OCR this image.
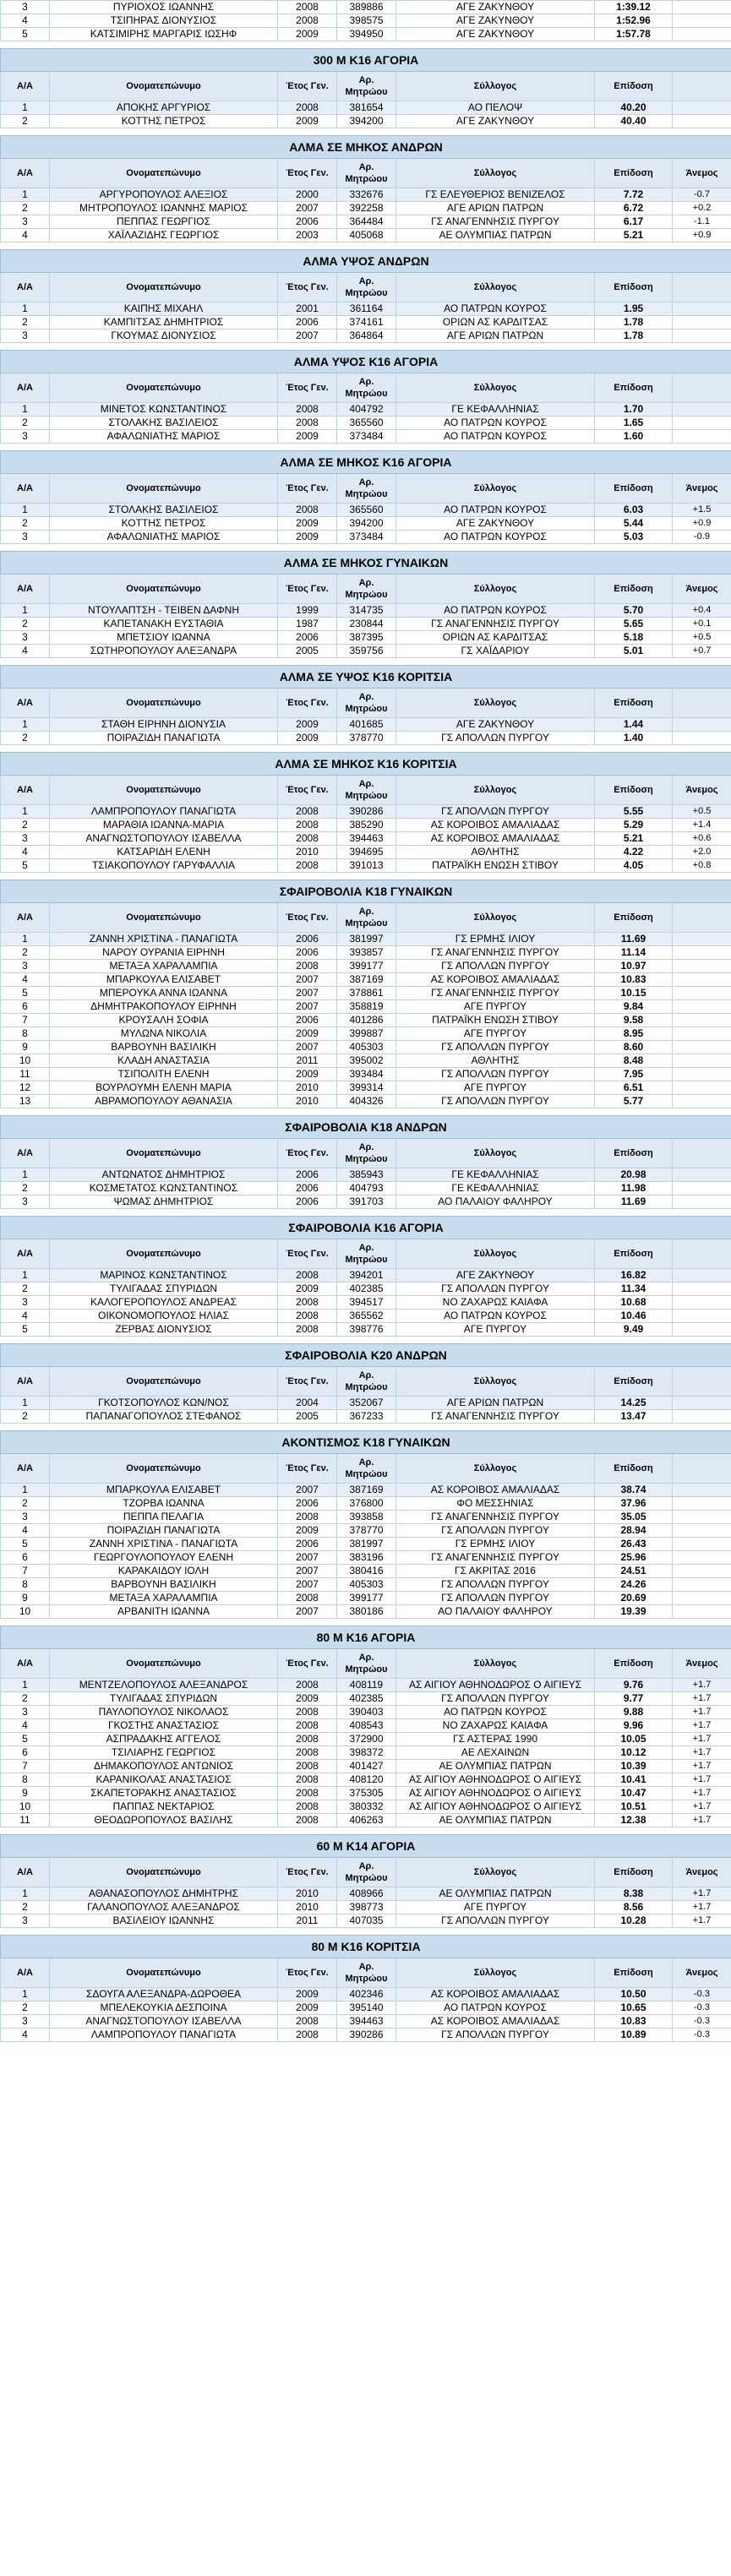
3	ΠΥΡΙΟΧΟΣ ΙΩΑΝΝΗΣ	2008	389886	ΑΓΕ ΖΑΚΥΝΘΟΥ	1:39.12	
4	ΤΣΙΠΗΡΑΣ ΔΙΟΝΥΣΙΟΣ	2008	398575	ΑΓΕ ΖΑΚΥΝΘΟΥ	1:52.96	
5	ΚΑΤΣΙΜΙΡΗΣ ΜΑΡΓΑΡΙΣ ΙΩΣΗΦ	2009	394950	ΑΓΕ ΖΑΚΥΝΘΟΥ	1:57.78	

300 Μ Κ16 ΑΓΟΡΙΑ						
Α/Α	Ονοματεπώνυμο	Έτος Γεν.	Αρ. Μητρώου	Σύλλογος	Επίδοση	
1	ΑΠΟΚΗΣ ΑΡΓΥΡΙΟΣ	2008	381654	ΑΟ ΠΕΛΟΨ	40.20	
2	ΚΟΤΤΗΣ ΠΕΤΡΟΣ	2009	394200	ΑΓΕ ΖΑΚΥΝΘΟΥ	40.40	

ΑΛΜΑ ΣΕ ΜΗΚΟΣ ΑΝΔΡΩΝ						
Α/Α	Ονοματεπώνυμο	Έτος Γεν.	Αρ. Μητρώου	Σύλλογος	Επίδοση	Άνεμος
1	ΑΡΓΥΡΟΠΟΥΛΟΣ ΑΛΕΞΙΟΣ	2000	332676	ΓΣ ΕΛΕΥΘΕΡΙΟΣ ΒΕΝΙΖΕΛΟΣ	7.72	-0.7
2	ΜΗΤΡΟΠΟΥΛΟΣ ΙΩΑΝΝΗΣ ΜΑΡΙΟΣ	2007	392258	ΑΓΕ ΑΡΙΩΝ ΠΑΤΡΩΝ	6.72	+0.2
3	ΠΕΠΠΑΣ ΓΕΩΡΓΙΟΣ	2006	364484	ΓΣ ΑΝΑΓΕΝΝΗΣΙΣ ΠΥΡΓΟΥ	6.17	-1.1
4	ΧΑΪΛΑΖΙΔΗΣ ΓΕΩΡΓΙΟΣ	2003	405068	ΑΕ ΟΛΥΜΠΙΑΣ ΠΑΤΡΩΝ	5.21	+0.9

ΑΛΜΑ ΥΨΟΣ ΑΝΔΡΩΝ						
Α/Α	Ονοματεπώνυμο	Έτος Γεν.	Αρ. Μητρώου	Σύλλογος	Επίδοση	
1	ΚΑΙΠΗΣ ΜΙΧΑΗΛ	2001	361164	ΑΟ ΠΑΤΡΩΝ ΚΟΥΡΟΣ	1.95	
2	ΚΑΜΠΙΤΣΑΣ ΔΗΜΗΤΡΙΟΣ	2006	374161	ΟΡΙΩΝ ΑΣ ΚΑΡΔΙΤΣΑΣ	1.78	
3	ΓΚΟΥΜΑΣ ΔΙΟΝΥΣΙΟΣ	2007	364864	ΑΓΕ ΑΡΙΩΝ ΠΑΤΡΩΝ	1.78	

ΑΛΜΑ ΥΨΟΣ Κ16 ΑΓΟΡΙΑ						
Α/Α	Ονοματεπώνυμο	Έτος Γεν.	Αρ. Μητρώου	Σύλλογος	Επίδοση	
1	ΜΙΝΕΤΟΣ ΚΩΝΣΤΑΝΤΙΝΟΣ	2008	404792	ΓΕ ΚΕΦΑΛΛΗΝΙΑΣ	1.70	
2	ΣΤΟΛΑΚΗΣ ΒΑΣΙΛΕΙΟΣ	2008	365560	ΑΟ ΠΑΤΡΩΝ ΚΟΥΡΟΣ	1.65	
3	ΑΦΑΛΩΝΙΑΤΗΣ ΜΑΡΙΟΣ	2009	373484	ΑΟ ΠΑΤΡΩΝ ΚΟΥΡΟΣ	1.60	

ΑΛΜΑ ΣΕ ΜΗΚΟΣ Κ16 ΑΓΟΡΙΑ						
Α/Α	Ονοματεπώνυμο	Έτος Γεν.	Αρ. Μητρώου	Σύλλογος	Επίδοση	Άνεμος
1	ΣΤΟΛΑΚΗΣ ΒΑΣΙΛΕΙΟΣ	2008	365560	ΑΟ ΠΑΤΡΩΝ ΚΟΥΡΟΣ	6.03	+1.5
2	ΚΟΤΤΗΣ ΠΕΤΡΟΣ	2009	394200	ΑΓΕ ΖΑΚΥΝΘΟΥ	5.44	+0.9
3	ΑΦΑΛΩΝΙΑΤΗΣ ΜΑΡΙΟΣ	2009	373484	ΑΟ ΠΑΤΡΩΝ ΚΟΥΡΟΣ	5.03	-0.9

ΑΛΜΑ ΣΕ ΜΗΚΟΣ ΓΥΝΑΙΚΩΝ						
Α/Α	Ονοματεπώνυμο	Έτος Γεν.	Αρ. Μητρώου	Σύλλογος	Επίδοση	Άνεμος
1	ΝΤΟΥΛΑΠΤΣΗ - ΤΕΙΒΕΝ ΔΑΦΝΗ	1999	314735	ΑΟ ΠΑΤΡΩΝ ΚΟΥΡΟΣ	5.70	+0.4
2	ΚΑΠΕΤΑΝΑΚΗ ΕΥΣΤΑΘΙΑ	1987	230844	ΓΣ ΑΝΑΓΕΝΝΗΣΙΣ ΠΥΡΓΟΥ	5.65	+0.1
3	ΜΠΕΤΣΙΟΥ ΙΩΑΝΝΑ	2006	387395	ΟΡΙΩΝ ΑΣ ΚΑΡΔΙΤΣΑΣ	5.18	+0.5
4	ΣΩΤΗΡΟΠΟΥΛΟΥ ΑΛΕΞΑΝΔΡΑ	2005	359756	ΓΣ ΧΑΪΔΑΡΙΟΥ	5.01	+0.7

ΑΛΜΑ ΣΕ ΥΨΟΣ Κ16 ΚΟΡΙΤΣΙΑ						
Α/Α	Ονοματεπώνυμο	Έτος Γεν.	Αρ. Μητρώου	Σύλλογος	Επίδοση	
1	ΣΤΑΘΗ ΕΙΡΗΝΗ ΔΙΟΝΥΣΙΑ	2009	401685	ΑΓΕ ΖΑΚΥΝΘΟΥ	1.44	
2	ΠΟΙΡΑΖΙΔΗ ΠΑΝΑΓΙΩΤΑ	2009	378770	ΓΣ ΑΠΟΛΛΩΝ ΠΥΡΓΟΥ	1.40	

ΑΛΜΑ ΣΕ ΜΗΚΟΣ Κ16 ΚΟΡΙΤΣΙΑ						
Α/Α	Ονοματεπώνυμο	Έτος Γεν.	Αρ. Μητρώου	Σύλλογος	Επίδοση	Άνεμος
1	ΛΑΜΠΡΟΠΟΥΛΟΥ ΠΑΝΑΓΙΩΤΑ	2008	390286	ΓΣ ΑΠΟΛΛΩΝ ΠΥΡΓΟΥ	5.55	+0.5
2	ΜΑΡΑΘΙΑ ΙΩΑΝΝΑ-ΜΑΡΙΑ	2008	385290	ΑΣ ΚΟΡΟΙΒΟΣ ΑΜΑΛΙΑΔΑΣ	5.29	+1.4
3	ΑΝΑΓΝΩΣΤΟΠΟΥΛΟΥ ΙΣΑΒΕΛΛΑ	2008	394463	ΑΣ ΚΟΡΟΙΒΟΣ ΑΜΑΛΙΑΔΑΣ	5.21	+0.6
4	ΚΑΤΣΑΡΙΔΗ ΕΛΕΝΗ	2010	394695	ΑΘΛΗΤΗΣ	4.22	+2.0
5	ΤΣΙΑΚΟΠΟΥΛΟΥ ΓΑΡΥΦΑΛΛΙΑ	2008	391013	ΠΑΤΡΑΪΚΗ ΕΝΩΣΗ ΣΤΙΒΟΥ	4.05	+0.8

ΣΦΑΙΡΟΒΟΛΙΑ Κ18 ΓΥΝΑΙΚΩΝ						
Α/Α	Ονοματεπώνυμο	Έτος Γεν.	Αρ. Μητρώου	Σύλλογος	Επίδοση	
1	ΖΑΝΝΗ ΧΡΙΣΤΙΝΑ - ΠΑΝΑΓΙΩΤΑ	2006	381997	ΓΣ ΕΡΜΗΣ ΙΛΙΟΥ	11.69	
2	ΝΑΡΟΥ ΟΥΡΑΝΙΑ ΕΙΡΗΝΗ	2006	393857	ΓΣ ΑΝΑΓΕΝΝΗΣΙΣ ΠΥΡΓΟΥ	11.14	
3	ΜΕΤΑΞΑ ΧΑΡΑΛΑΜΠΙΑ	2008	399177	ΓΣ ΑΠΟΛΛΩΝ ΠΥΡΓΟΥ	10.97	
4	ΜΠΑΡΚΟΥΛΑ ΕΛΙΣΑΒΕΤ	2007	387169	ΑΣ ΚΟΡΟΙΒΟΣ ΑΜΑΛΙΑΔΑΣ	10.83	
5	ΜΠΕΡΟΥΚΑ ΑΝΝΑ ΙΩΑΝΝΑ	2007	378861	ΓΣ ΑΝΑΓΕΝΝΗΣΙΣ ΠΥΡΓΟΥ	10.15	
6	ΔΗΜΗΤΡΑΚΟΠΟΥΛΟΥ ΕΙΡΗΝΗ	2007	358819	ΑΓΕ ΠΥΡΓΟΥ	9.84	
7	ΚΡΟΥΣΑΛΗ ΣΟΦΙΑ	2006	401286	ΠΑΤΡΑΪΚΗ ΕΝΩΣΗ ΣΤΙΒΟΥ	9.58	
8	ΜΥΛΩΝΑ ΝΙΚΟΛΙΑ	2009	399887	ΑΓΕ ΠΥΡΓΟΥ	8.95	
9	ΒΑΡΒΟΥΝΗ ΒΑΣΙΛΙΚΗ	2007	405303	ΓΣ ΑΠΟΛΛΩΝ ΠΥΡΓΟΥ	8.60	
10	ΚΛΑΔΗ ΑΝΑΣΤΑΣΙΑ	2011	395002	ΑΘΛΗΤΗΣ	8.48	
11	ΤΣΙΠΟΛΙΤΗ ΕΛΕΝΗ	2009	393484	ΓΣ ΑΠΟΛΛΩΝ ΠΥΡΓΟΥ	7.95	
12	ΒΟΥΡΛΟΥΜΗ ΕΛΕΝΗ ΜΑΡΙΑ	2010	399314	ΑΓΕ ΠΥΡΓΟΥ	6.51	
13	ΑΒΡΑΜΟΠΟΥΛΟΥ ΑΘΑΝΑΣΙΑ	2010	404326	ΓΣ ΑΠΟΛΛΩΝ ΠΥΡΓΟΥ	5.77	

ΣΦΑΙΡΟΒΟΛΙΑ Κ18 ΑΝΔΡΩΝ						
Α/Α	Ονοματεπώνυμο	Έτος Γεν.	Αρ. Μητρώου	Σύλλογος	Επίδοση	
1	ΑΝΤΩΝΑΤΟΣ ΔΗΜΗΤΡΙΟΣ	2006	385943	ΓΕ ΚΕΦΑΛΛΗΝΙΑΣ	20.98	
2	ΚΟΣΜΕΤΑΤΟΣ ΚΩΝΣΤΑΝΤΙΝΟΣ	2006	404793	ΓΕ ΚΕΦΑΛΛΗΝΙΑΣ	11.98	
3	ΨΩΜΑΣ ΔΗΜΗΤΡΙΟΣ	2006	391703	ΑΟ ΠΑΛΑΙΟΥ ΦΑΛΗΡΟΥ	11.69	

ΣΦΑΙΡΟΒΟΛΙΑ Κ16 ΑΓΟΡΙΑ						
Α/Α	Ονοματεπώνυμο	Έτος Γεν.	Αρ. Μητρώου	Σύλλογος	Επίδοση	
1	ΜΑΡΙΝΟΣ ΚΩΝΣΤΑΝΤΙΝΟΣ	2008	394201	ΑΓΕ ΖΑΚΥΝΘΟΥ	16.82	
2	ΤΥΛΙΓΑΔΑΣ ΣΠΥΡΙΔΩΝ	2009	402385	ΓΣ ΑΠΟΛΛΩΝ ΠΥΡΓΟΥ	11.34	
3	ΚΑΛΟΓΕΡΟΠΟΥΛΟΣ ΑΝΔΡΕΑΣ	2008	394517	ΝΟ ΖΑΧΑΡΩΣ ΚΑΙΑΦΑ	10.68	
4	ΟΙΚΟΝΟΜΟΠΟΥΛΟΣ ΗΛΙΑΣ	2008	365562	ΑΟ ΠΑΤΡΩΝ ΚΟΥΡΟΣ	10.46	
5	ΖΕΡΒΑΣ ΔΙΟΝΥΣΙΟΣ	2008	398776	ΑΓΕ ΠΥΡΓΟΥ	9.49	

ΣΦΑΙΡΟΒΟΛΙΑ Κ20 ΑΝΔΡΩΝ						
Α/Α	Ονοματεπώνυμο	Έτος Γεν.	Αρ. Μητρώου	Σύλλογος	Επίδοση	
1	ΓΚΟΤΣΟΠΟΥΛΟΣ ΚΩΝ/ΝΟΣ	2004	352067	ΑΓΕ ΑΡΙΩΝ ΠΑΤΡΩΝ	14.25	
2	ΠΑΠΑΝΑΓΟΠΟΥΛΟΣ ΣΤΕΦΑΝΟΣ	2005	367233	ΓΣ ΑΝΑΓΕΝΝΗΣΙΣ ΠΥΡΓΟΥ	13.47	

ΑΚΟΝΤΙΣΜΟΣ Κ18 ΓΥΝΑΙΚΩΝ						
Α/Α	Ονοματεπώνυμο	Έτος Γεν.	Αρ. Μητρώου	Σύλλογος	Επίδοση	
1	ΜΠΑΡΚΟΥΛΑ ΕΛΙΣΑΒΕΤ	2007	387169	ΑΣ ΚΟΡΟΙΒΟΣ ΑΜΑΛΙΑΔΑΣ	38.74	
2	ΤΖΟΡΒΑ ΙΩΑΝΝΑ	2006	376800	ΦΟ ΜΕΣΣΗΝΙΑΣ	37.96	
3	ΠΕΠΠΑ ΠΕΛΑΓΙΑ	2008	393858	ΓΣ ΑΝΑΓΕΝΝΗΣΙΣ ΠΥΡΓΟΥ	35.05	
4	ΠΟΙΡΑΖΙΔΗ ΠΑΝΑΓΙΩΤΑ	2009	378770	ΓΣ ΑΠΟΛΛΩΝ ΠΥΡΓΟΥ	28.94	
5	ΖΑΝΝΗ ΧΡΙΣΤΙΝΑ - ΠΑΝΑΓΙΩΤΑ	2006	381997	ΓΣ ΕΡΜΗΣ ΙΛΙΟΥ	26.43	
6	ΓΕΩΡΓΟΥΛΟΠΟΥΛΟΥ ΕΛΕΝΗ	2007	383196	ΓΣ ΑΝΑΓΕΝΝΗΣΙΣ ΠΥΡΓΟΥ	25.96	
7	ΚΑΡΑΚΑΙΔΟΥ ΙΟΛΗ	2007	380416	ΓΣ ΑΚΡΙΤΑΣ 2016	24.51	
8	ΒΑΡΒΟΥΝΗ ΒΑΣΙΛΙΚΗ	2007	405303	ΓΣ ΑΠΟΛΛΩΝ ΠΥΡΓΟΥ	24.26	
9	ΜΕΤΑΞΑ ΧΑΡΑΛΑΜΠΙΑ	2008	399177	ΓΣ ΑΠΟΛΛΩΝ ΠΥΡΓΟΥ	20.69	
10	ΑΡΒΑΝΙΤΗ ΙΩΑΝΝΑ	2007	380186	ΑΟ ΠΑΛΑΙΟΥ ΦΑΛΗΡΟΥ	19.39	

80 Μ Κ16 ΑΓΟΡΙΑ						
Α/Α	Ονοματεπώνυμο	Έτος Γεν.	Αρ. Μητρώου	Σύλλογος	Επίδοση	Άνεμος
1	ΜΕΝΤΖΕΛΟΠΟΥΛΟΣ ΑΛΕΞΑΝΔΡΟΣ	2008	408119	ΑΣ ΑΙΓΙΟΥ ΑΘΗΝΟΔΩΡΟΣ Ο ΑΙΓΙΕΥΣ	9.76	+1.7
2	ΤΥΛΙΓΑΔΑΣ ΣΠΥΡΙΔΩΝ	2009	402385	ΓΣ ΑΠΟΛΛΩΝ ΠΥΡΓΟΥ	9.77	+1.7
3	ΠΑΥΛΟΠΟΥΛΟΣ ΝΙΚΟΛΑΟΣ	2008	390403	ΑΟ ΠΑΤΡΩΝ ΚΟΥΡΟΣ	9.88	+1.7
4	ΓΚΟΣΤΗΣ ΑΝΑΣΤΑΣΙΟΣ	2008	408543	ΝΟ ΖΑΧΑΡΩΣ ΚΑΙΑΦΑ	9.96	+1.7
5	ΑΣΠΡΑΔΑΚΗΣ ΑΓΓΕΛΟΣ	2008	372900	ΓΣ ΑΣΤΕΡΑΣ 1990	10.05	+1.7
6	ΤΣΙΛΙΑΡΗΣ ΓΕΩΡΓΙΟΣ	2008	398372	ΑΕ ΛΕΧΑΙΝΩΝ	10.12	+1.7
7	ΔΗΜΑΚΟΠΟΥΛΟΣ ΑΝΤΩΝΙΟΣ	2008	401427	ΑΕ ΟΛΥΜΠΙΑΣ ΠΑΤΡΩΝ	10.39	+1.7
8	ΚΑΡΑΝΙΚΟΛΑΣ ΑΝΑΣΤΑΣΙΟΣ	2008	408120	ΑΣ ΑΙΓΙΟΥ ΑΘΗΝΟΔΩΡΟΣ Ο ΑΙΓΙΕΥΣ	10.41	+1.7
9	ΣΚΑΠΕΤΟΡΑΚΗΣ ΑΝΑΣΤΑΣΙΟΣ	2008	375305	ΑΣ ΑΙΓΙΟΥ ΑΘΗΝΟΔΩΡΟΣ Ο ΑΙΓΙΕΥΣ	10.47	+1.7
10	ΠΑΠΠΑΣ ΝΕΚΤΑΡΙΟΣ	2008	380332	ΑΣ ΑΙΓΙΟΥ ΑΘΗΝΟΔΩΡΟΣ Ο ΑΙΓΙΕΥΣ	10.51	+1.7
11	ΘΕΟΔΩΡΟΠΟΥΛΟΣ ΒΑΣΙΛΗΣ	2008	406263	ΑΕ ΟΛΥΜΠΙΑΣ ΠΑΤΡΩΝ	12.38	+1.7

60 Μ Κ14 ΑΓΟΡΙΑ						
Α/Α	Ονοματεπώνυμο	Έτος Γεν.	Αρ. Μητρώου	Σύλλογος	Επίδοση	Άνεμος
1	ΑΘΑΝΑΣΟΠΟΥΛΟΣ ΔΗΜΗΤΡΗΣ	2010	408966	ΑΕ ΟΛΥΜΠΙΑΣ ΠΑΤΡΩΝ	8.38	+1.7
2	ΓΑΛΑΝΟΠΟΥΛΟΣ ΑΛΕΞΑΝΔΡΟΣ	2010	398773	ΑΓΕ ΠΥΡΓΟΥ	8.56	+1.7
3	ΒΑΣΙΛΕΙΟΥ ΙΩΑΝΝΗΣ	2011	407035	ΓΣ ΑΠΟΛΛΩΝ ΠΥΡΓΟΥ	10.28	+1.7

80 Μ Κ16 ΚΟΡΙΤΣΙΑ						
Α/Α	Ονοματεπώνυμο	Έτος Γεν.	Αρ. Μητρώου	Σύλλογος	Επίδοση	Άνεμος
1	ΣΔΟΥΓΑ ΑΛΕΞΑΝΔΡΑ-ΔΩΡΟΘΕΑ	2009	402346	ΑΣ ΚΟΡΟΙΒΟΣ ΑΜΑΛΙΑΔΑΣ	10.50	-0.3
2	ΜΠΕΛΕΚΟΥΚΙΑ ΔΕΣΠΟΙΝΑ	2009	395140	ΑΟ ΠΑΤΡΩΝ ΚΟΥΡΟΣ	10.65	-0.3
3	ΑΝΑΓΝΩΣΤΟΠΟΥΛΟΥ ΙΣΑΒΕΛΛΑ	2008	394463	ΑΣ ΚΟΡΟΙΒΟΣ ΑΜΑΛΙΑΔΑΣ	10.83	-0.3
4	ΛΑΜΠΡΟΠΟΥΛΟΥ ΠΑΝΑΓΙΩΤΑ	2008	390286	ΓΣ ΑΠΟΛΛΩΝ ΠΥΡΓΟΥ	10.89	-0.3
